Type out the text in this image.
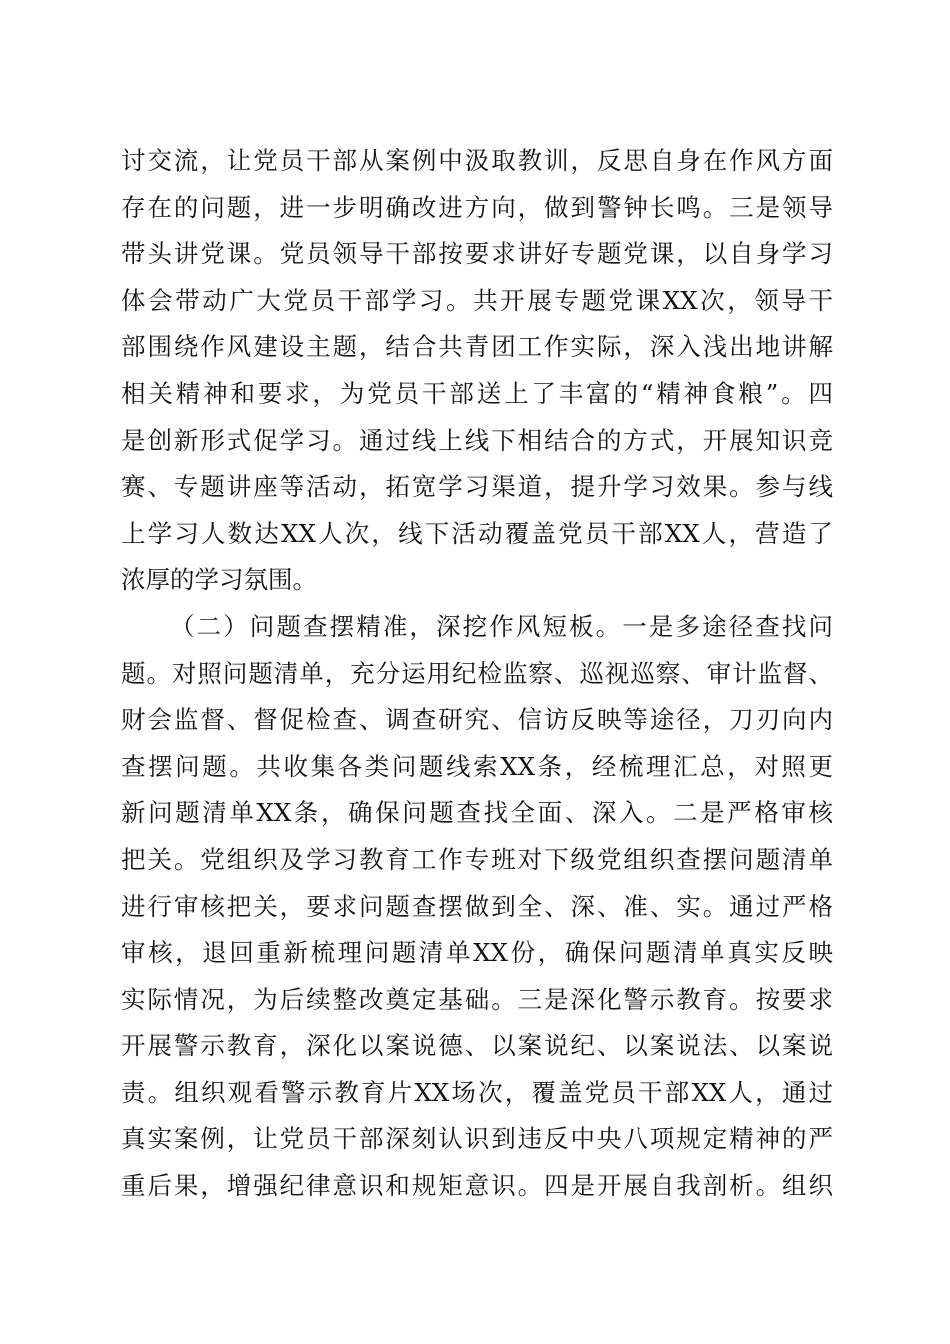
讨交流，让党员干部从案例中汲取教训，反思自身在作风方面
存在的问题，进一步明确改进方向，做到警钟长鸣。三是领导
带头讲党课。党员领导干部按要求讲好专题党课，以自身学习
体会带动广大党员干部学习。共开展专题党课XX次，领导干
部围绕作风建设主题，结合共青团工作实际，深入浅出地讲解
相关精神和要求，为党员干部送上了丰富的“精神食粮”。四
是创新形式促学习。通过线上线下相结合的方式，开展知识竞
赛、专题讲座等活动，拓宽学习渠道，提升学习效果。参与线
上学习人数达XX人次，线下活动覆盖党员干部XX人，营造了
浓厚的学习氛围。
（二）问题查摆精准，深挖作风短板。一是多途径查找问
题。对照问题清单，充分运用纪检监察、巡视巡察、审计监督、
财会监督、督促检查、调查研究、信访反映等途径，刀刃向内
查摆问题。共收集各类问题线索XX条，经梳理汇总，对照更
新问题清单XX条，确保问题查找全面、深入。二是严格审核
把关。党组织及学习教育工作专班对下级党组织查摆问题清单
进行审核把关，要求问题查摆做到全、深、准、实。通过严格
审核，退回重新梳理问题清单XX份，确保问题清单真实反映
实际情况，为后续整改奠定基础。三是深化警示教育。按要求
开展警示教育，深化以案说德、以案说纪、以案说法、以案说
责。组织观看警示教育片XX场次，覆盖党员干部XX人，通过
真实案例，让党员干部深刻认识到违反中央八项规定精神的严
重后果，增强纪律意识和规矩意识。四是开展自我剖析。组织
